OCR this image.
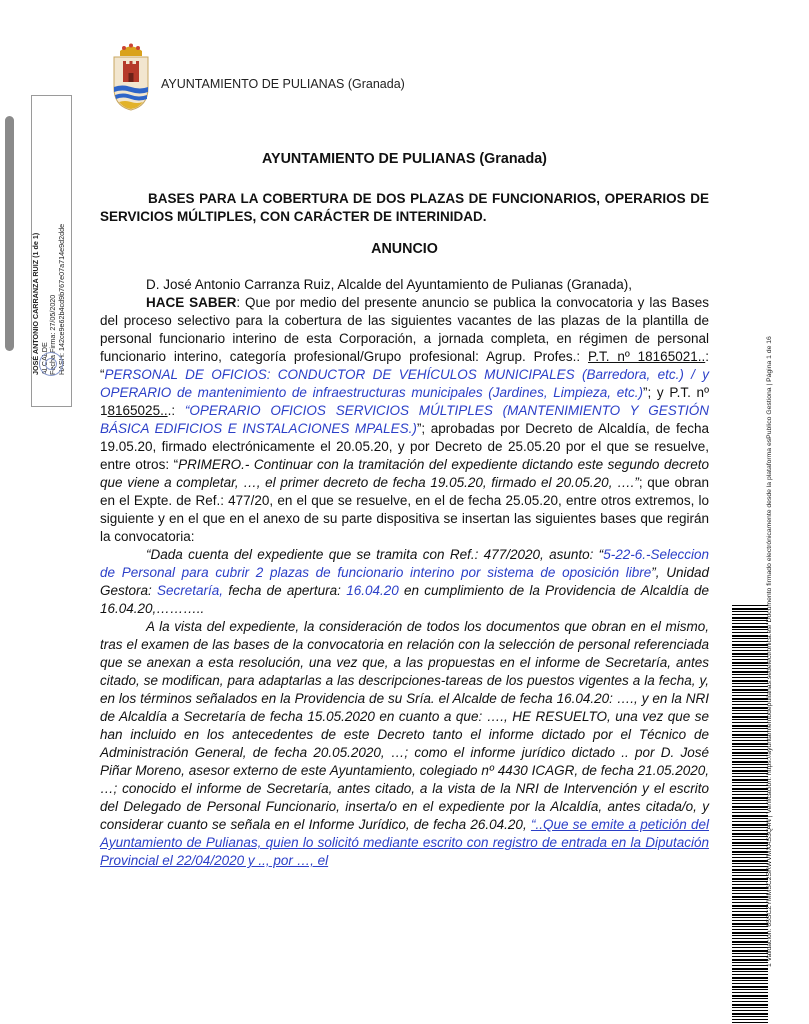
JOSÉ ANTONIO CARRANZA RUIZ (1 de 1) ALCALDE Fecha Firma: 27/05/2020 HASH: 142ce9e62b4cd9b767e07a714e9d2dde
AYUNTAMIENTO DE PULIANAS (Granada)
AYUNTAMIENTO DE PULIANAS (Granada)
BASES PARA LA COBERTURA DE DOS PLAZAS DE FUNCIONARIOS, OPERARIOS DE SERVICIOS MÚLTIPLES, CON CARÁCTER DE INTERINIDAD.
ANUNCIO

D. José Antonio Carranza Ruiz, Alcalde del Ayuntamiento de Pulianas (Granada),

HACE SABER: Que por medio del presente anuncio se publica la convocatoria y las Bases del proceso selectivo para la cobertura de las siguientes vacantes de las plazas de la plantilla de personal funcionario interino de esta Corporación, a jornada completa, en régimen de personal funcionario interino, categoría profesional/Grupo profesional: Agrup. Profes.: P.T. nº 18165021..: “PERSONAL DE OFICIOS: CONDUCTOR DE VEHÍCULOS MUNICIPALES (Barredora, etc.) / y OPERARIO de mantenimiento de infraestructuras municipales (Jardines, Limpieza, etc.)”; y P.T. nº 18165025...: “OPERARIO OFICIOS SERVICIOS MÚLTIPLES (MANTENIMIENTO Y GESTIÓN BÁSICA EDIFICIOS E INSTALACIONES MPALES.)”; aprobadas por Decreto de Alcaldía, de fecha 19.05.20, firmado electrónicamente el 20.05.20, y por Decreto de 25.05.20 por el que se resuelve, entre otros: “PRIMERO.- Continuar con la tramitación del expediente dictando este segundo decreto que viene a completar, …, el primer decreto de fecha 19.05.20, firmado el 20.05.20, ….”; que obran en el Expte. de Ref.: 477/20, en el que se resuelve, en el de fecha 25.05.20, entre otros extremos, lo siguiente y en el que en el anexo de su parte dispositiva se insertan las siguientes bases que regirán la convocatoria:

“Dada cuenta del expediente que se tramita con Ref.: 477/2020, asunto: “5-22-6.-Seleccion de Personal para cubrir 2 plazas de funcionario interino por sistema de oposición libre”, Unidad Gestora: Secretaría, fecha de apertura: 16.04.20 en cumplimiento de la Providencia de Alcaldía de 16.04.20,………..

A la vista del expediente, la consideración de todos los documentos que obran en el mismo, tras el examen de las bases de la convocatoria en relación con la selección de personal referenciada que se anexan a esta resolución, una vez que, a las propuestas en el informe de Secretaría, antes citado, se modifican, para adaptarlas a las descripciones-tareas de los puestos vigentes a la fecha, y, en los términos señalados en la Providencia de su Sría. el Alcalde de fecha 16.04.20: …., y en la NRI de Alcaldía a Secretaría de fecha 15.05.2020 en cuanto a que: …., HE RESUELTO, una vez que se han incluido en los antecedentes de este Decreto tanto el informe dictado por el Técnico de Administración General, de fecha 20.05.2020, …; como el informe jurídico dictado .. por D. José Piñar Moreno, asesor externo de este Ayuntamiento, colegiado nº 4430 ICAGR, de fecha 21.05.2020, …; conocido el informe de Secretaría, antes citado, a la vista de la NRI de Intervención y el escrito del Delegado de Personal Funcionario, inserta/o en el expediente por la Alcaldía, antes citada/o, y considerar cuanto se señala en el Informe Jurídico, de fecha 26.04.20, “..Que se emite a petición del Ayuntamiento de Pulianas, quien lo solicitó mediante escrito con registro de entrada en la Diputación Provincial el 22/04/2020 y .., por …, el	1 Validación: 65SCZYMMSC2SRWVMXAS3Q4N | Verificación: https://ayuntamientodepulianas.sedelectronica.es/ Documento firmado electrónicamente desde la plataforma esPublico Gestiona | Página 1 de 16
